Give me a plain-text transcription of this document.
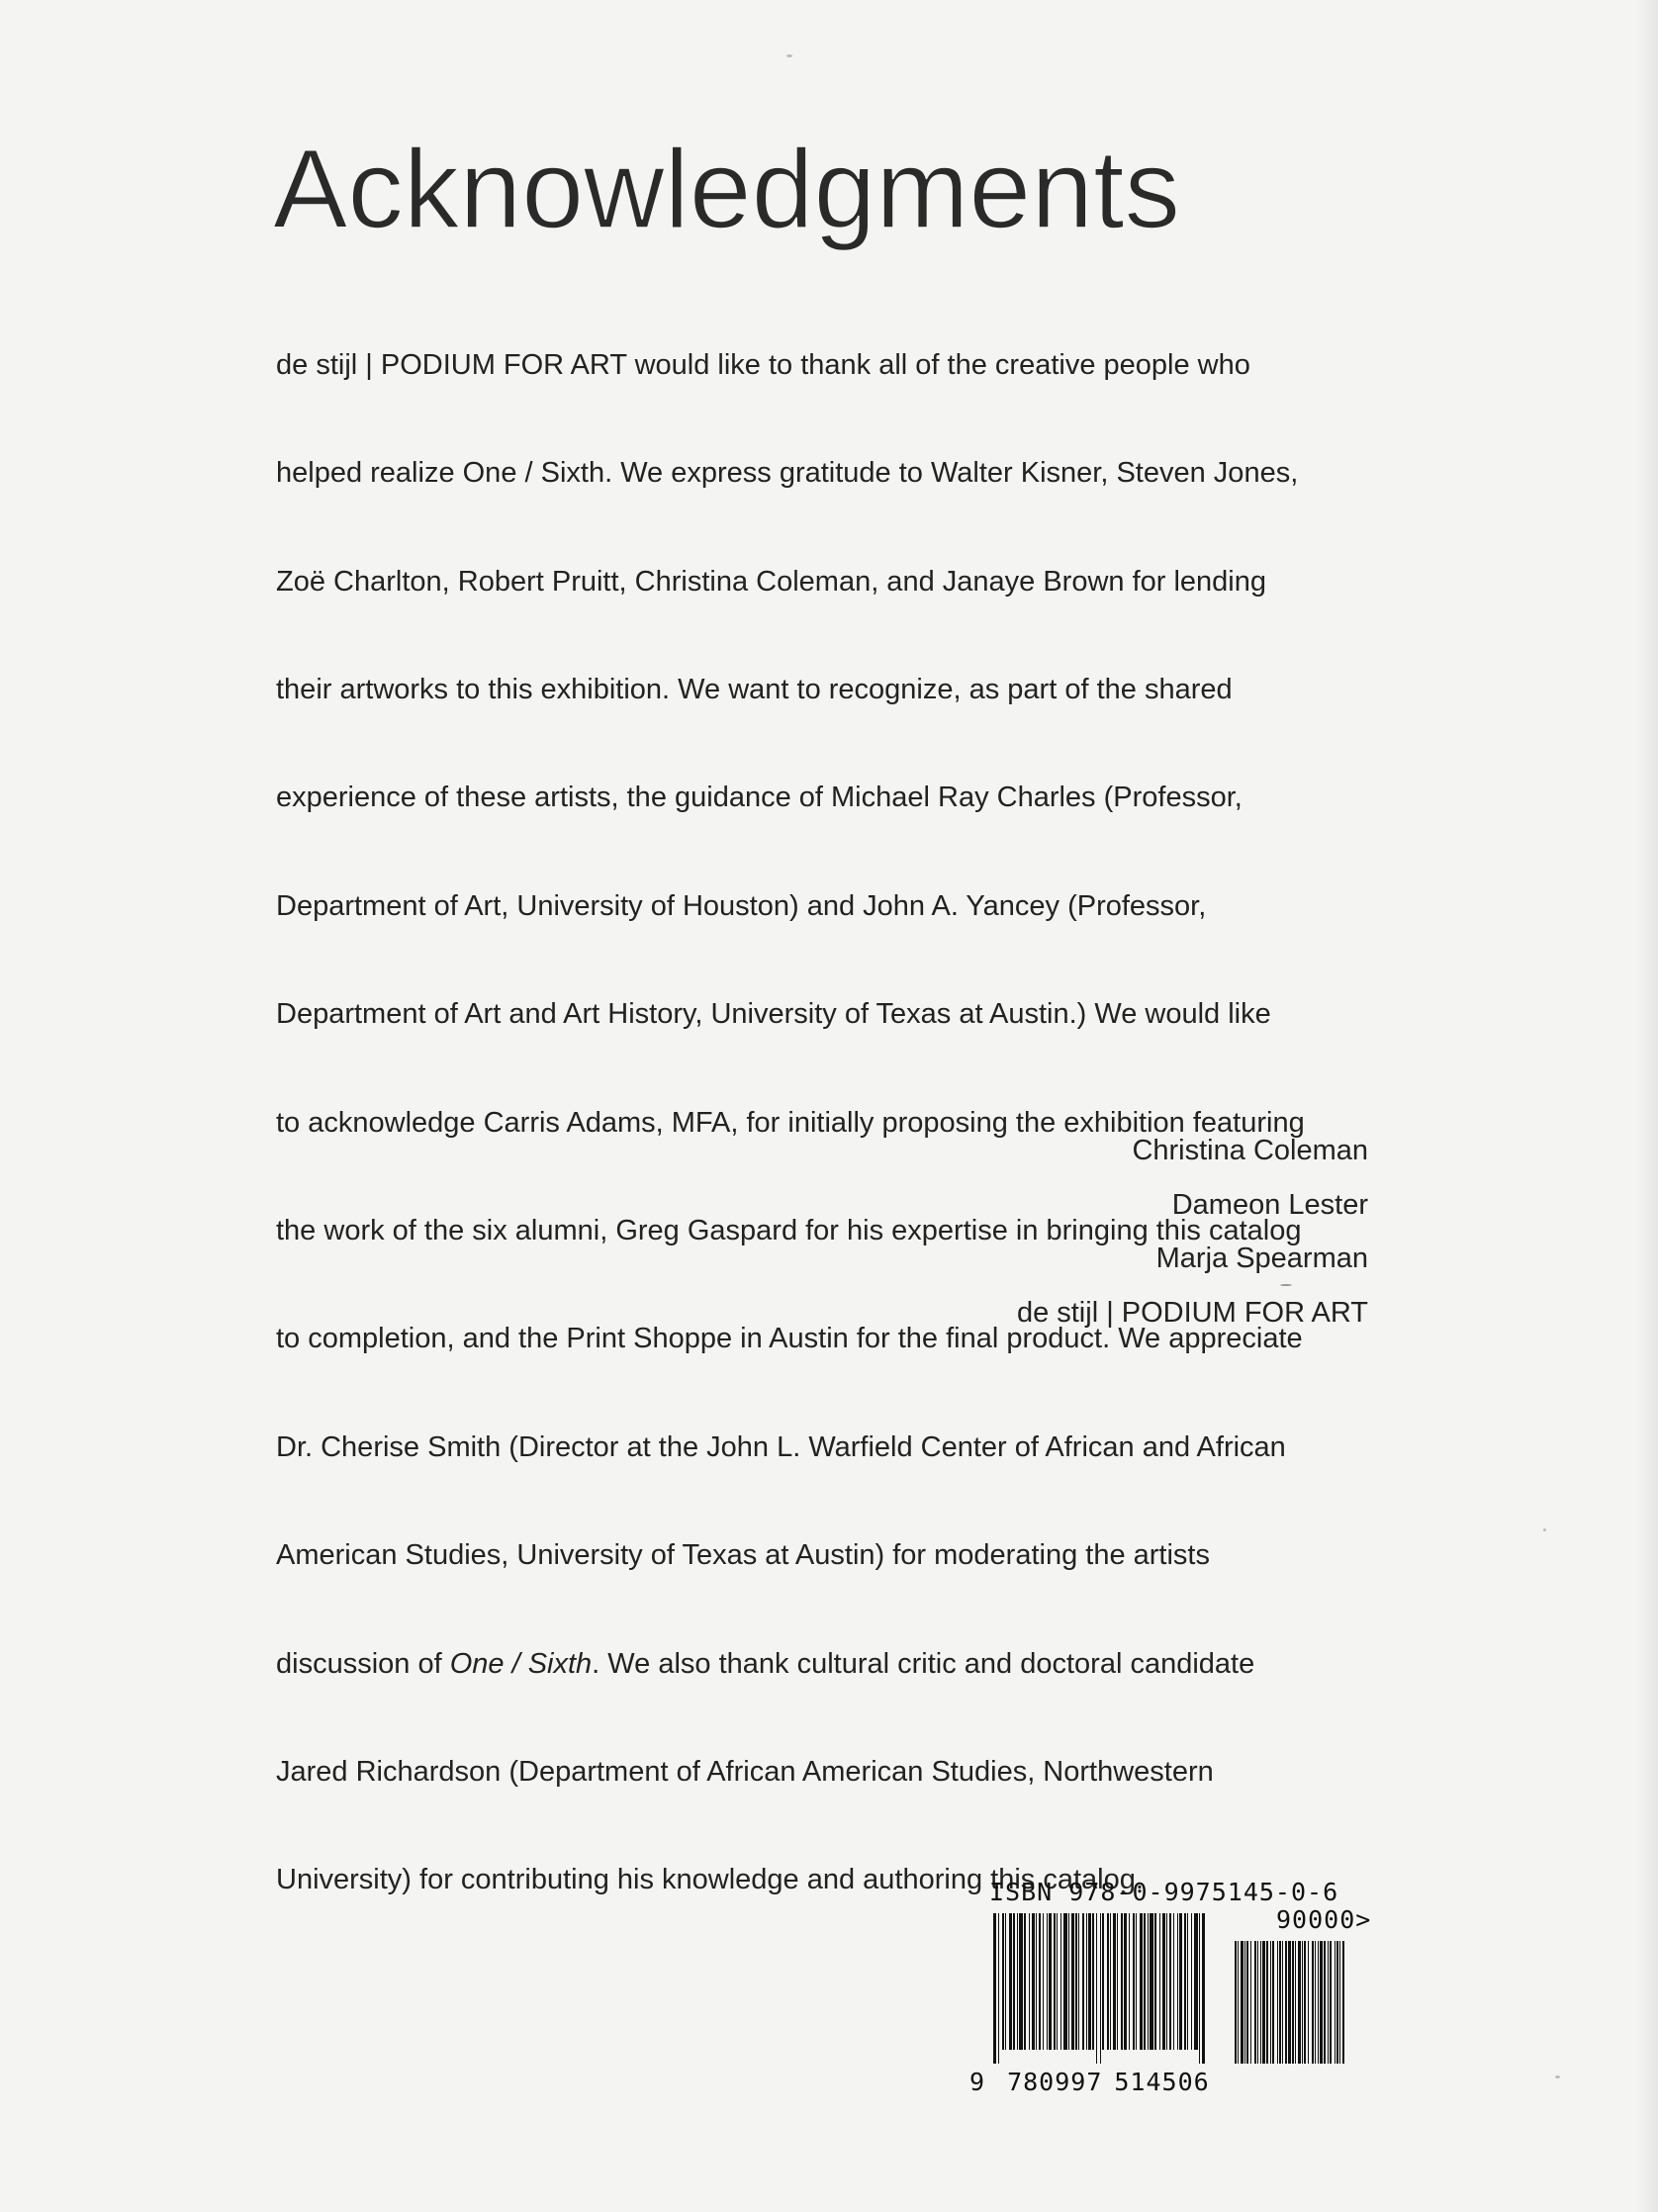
Acknowledgments

de stijl | PODIUM FOR ART would like to thank all of the creative people who

helped realize One / Sixth. We express gratitude to Walter Kisner, Steven Jones,

Zoë Charlton, Robert Pruitt, Christina Coleman, and Janaye Brown for lending

their artworks to this exhibition. We want to recognize, as part of the shared

experience of these artists, the guidance of Michael Ray Charles (Professor,

Department of Art, University of Houston) and John A. Yancey (Professor,

Department of Art and Art History, University of Texas at Austin.) We would like

to acknowledge Carris Adams, MFA, for initially proposing the exhibition featuring

the work of the six alumni, Greg Gaspard for his expertise in bringing this catalog

to completion, and the Print Shoppe in Austin for the final product. We appreciate

Dr. Cherise Smith (Director at the John L. Warfield Center of African and African

American Studies, University of Texas at Austin) for moderating the artists

discussion of One / Sixth. We also thank cultural critic and doctoral candidate

Jared Richardson (Department of African American Studies, Northwestern

University) for contributing his knowledge and authoring this catalog.

Christina Coleman
Dameon Lester
Marja Spearman
de stijl | PODIUM FOR ART
ISBN 978-0-9975145-0-6
90000>
9 780997 514506
